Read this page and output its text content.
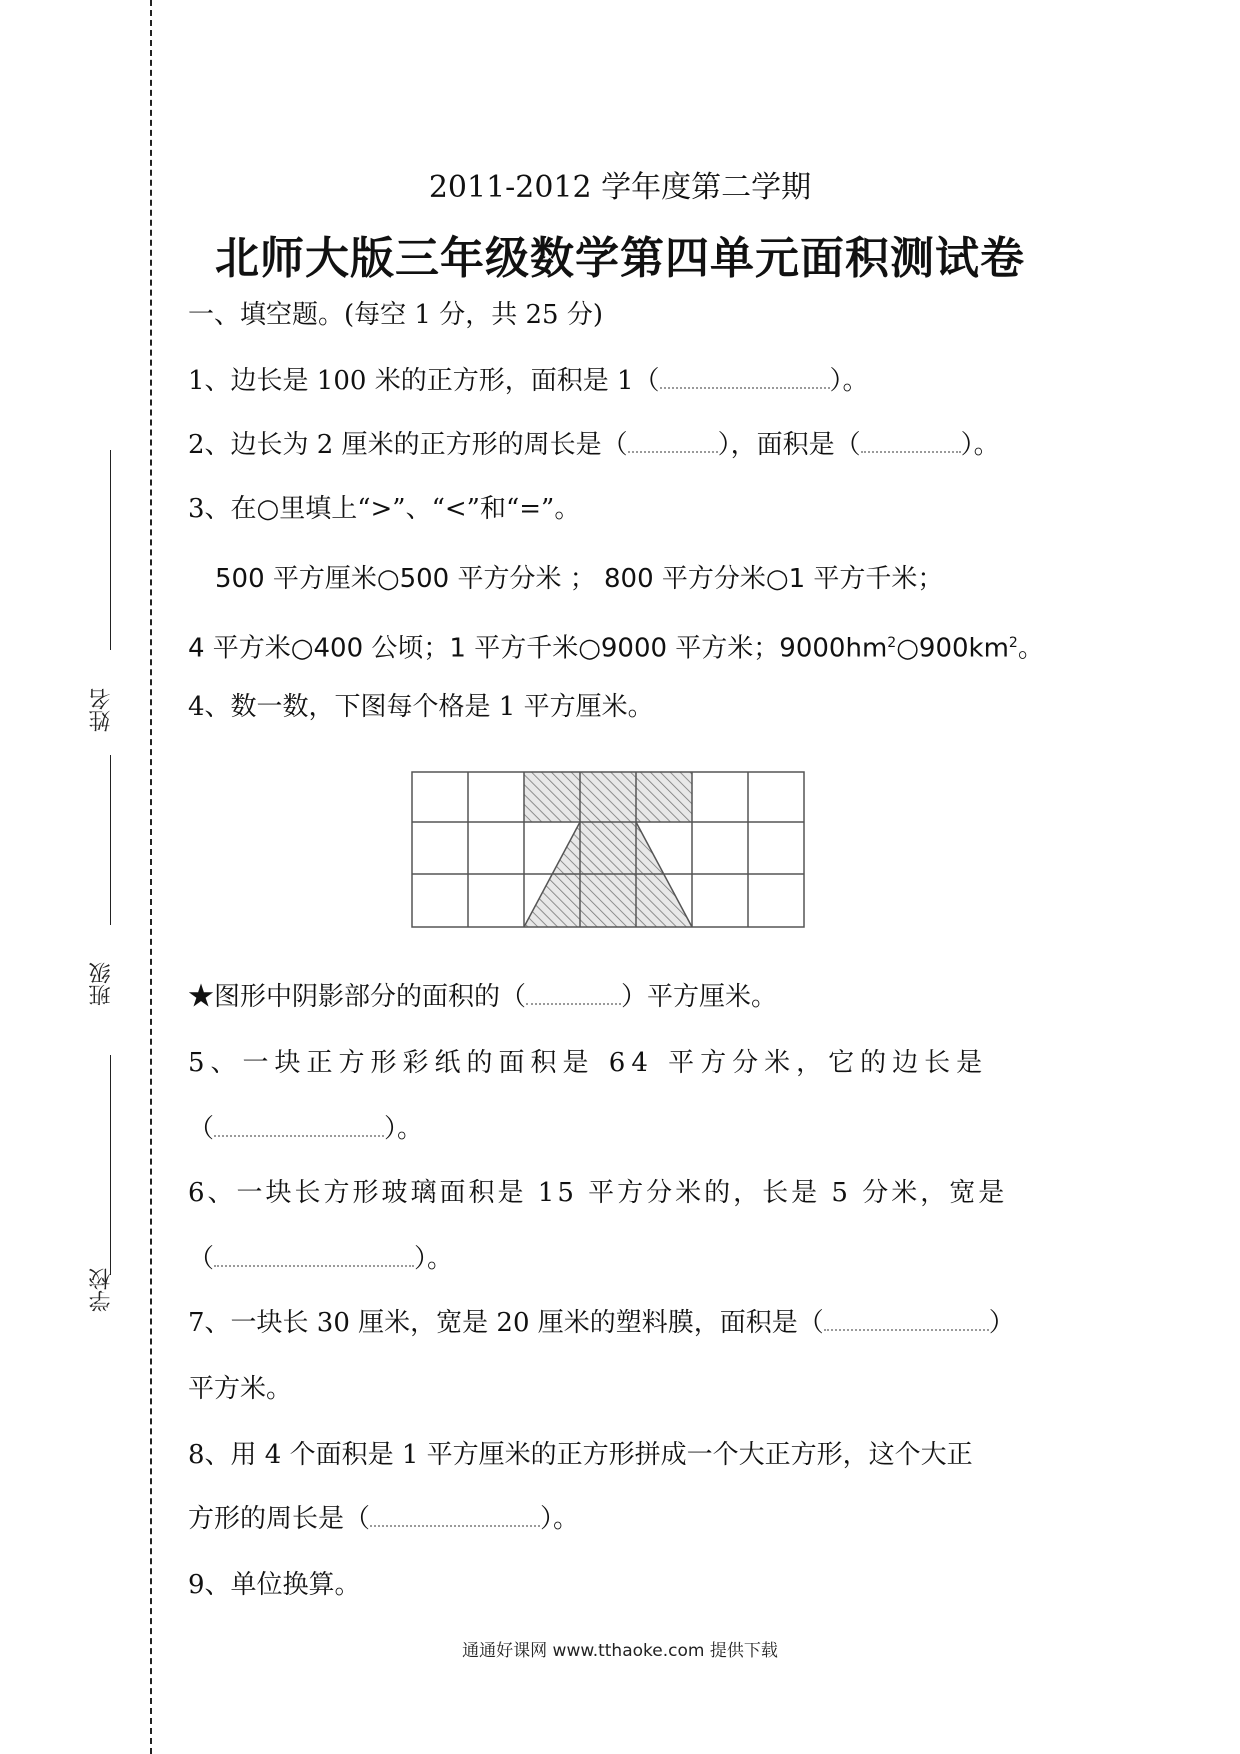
姓名
班级
学校
2011-2012 学年度第二学期
北师大版三年级数学第四单元面积测试卷
一、填空题。(每空 1 分，共 25 分)
1、边长是 100 米的正方形，面积是 1（	）。
2、边长为 2 厘米的正方形的周长是（	），面积是（	）。
3、在○里填上“>”、“<”和“=”。
500 平方厘米○500 平方分米 ； 800 平方分米○1 平方千米；
4 平方米○400 公顷；1 平方千米○9000 平方米；$9000hm^2○900km^2$。
4、数一数，下图每个格是 1 平方厘米。
★图形中阴影部分的面积的（	）平方厘米。
5、一块正方形彩纸的面积是 64 平方分米，它的边长是
（	）。
6、一块长方形玻璃面积是 15 平方分米的，长是 5 分米，宽是
（	）。
7、一块长 30 厘米，宽是 20 厘米的塑料膜，面积是（	）
平方米。
8、用 4 个面积是 1 平方厘米的正方形拼成一个大正方形，这个大正
方形的周长是（	）。
9、单位换算。
通通好课网 www.tthaoke.com 提供下载
